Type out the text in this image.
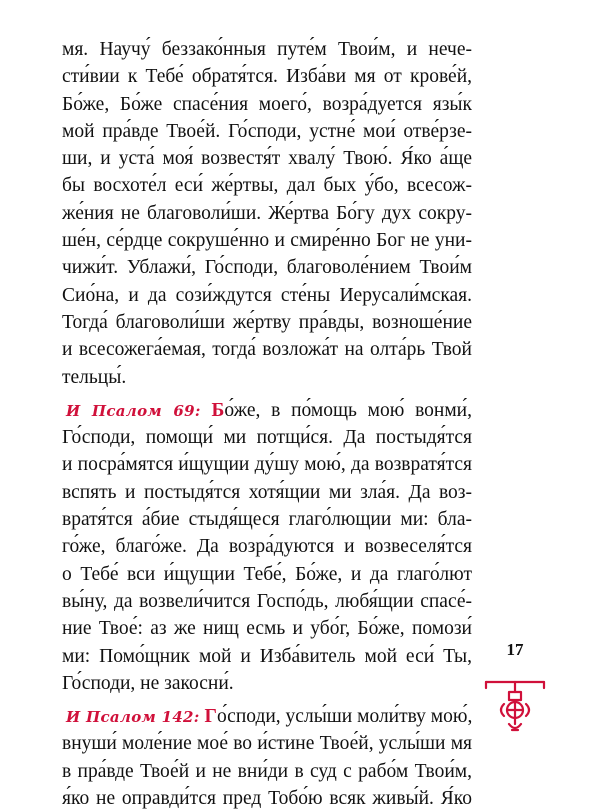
мя. Научу́ беззако́нныя путе́м Твои́м, и нече-
сти́вии к Тебе́ обратя́тся. Изба́ви мя от крове́й,
Бо́же, Бо́же спасе́ния моего́, возра́дуется язы́к
мой пра́вде Твое́й. Го́споди, устне́ мои́ отве́рзе-
ши, и уста́ моя́ возвестя́т хвалу́ Твою́. Я́ко а́ще
бы восхоте́л еси́ же́ртвы, дал бых у́бо, всесож-
же́ния не благоволи́ши. Же́ртва Бо́гу дух сокру-
ше́н, се́рдце сокруше́нно и смире́нно Бог не уни-
чижи́т. Ублажи́, Го́споди, благоволе́нием Твои́м
Сио́на, и да сози́ждутся сте́ны Иерусали́мская.
Тогда́ благоволи́ши же́ртву пра́вды, возноше́ние
и всесожега́емая, тогда́ возложа́т на олта́рь Твой
тельцы́.
И Псалом 69: Бо́же, в по́мощь мою́ вонми́,
Го́споди, помощи́ ми потщи́ся. Да постыдя́тся
и посра́мятся и́щущии ду́шу мою́, да возвратя́тся
вспять и постыдя́тся хотя́щии ми зла́я. Да воз-
вратя́тся а́бие стыдя́щеся глаго́лющии ми: бла-
го́же, благо́же. Да возра́дуются и возвеселя́тся
о Тебе́ вси и́щущии Тебе́, Бо́же, и да глаго́лют
вы́ну, да возвели́чится Госпо́дь, любя́щии спасе́-
ние Твое́: аз же нищ есмь и убо́г, Бо́же, помози́
ми: Помо́щник мой и Изба́витель мой еси́ Ты,
Го́споди, не закосни́.
И Псалом 142: Го́споди, услы́ши моли́тву мою́,
внуши́ моле́ние мое́ во и́стине Твое́й, услы́ши мя
в пра́вде Твое́й и не вни́ди в суд с рабо́м Твои́м,
я́ко не оправди́тся пред Тобо́ю всяк живы́й. Я́ко
17
